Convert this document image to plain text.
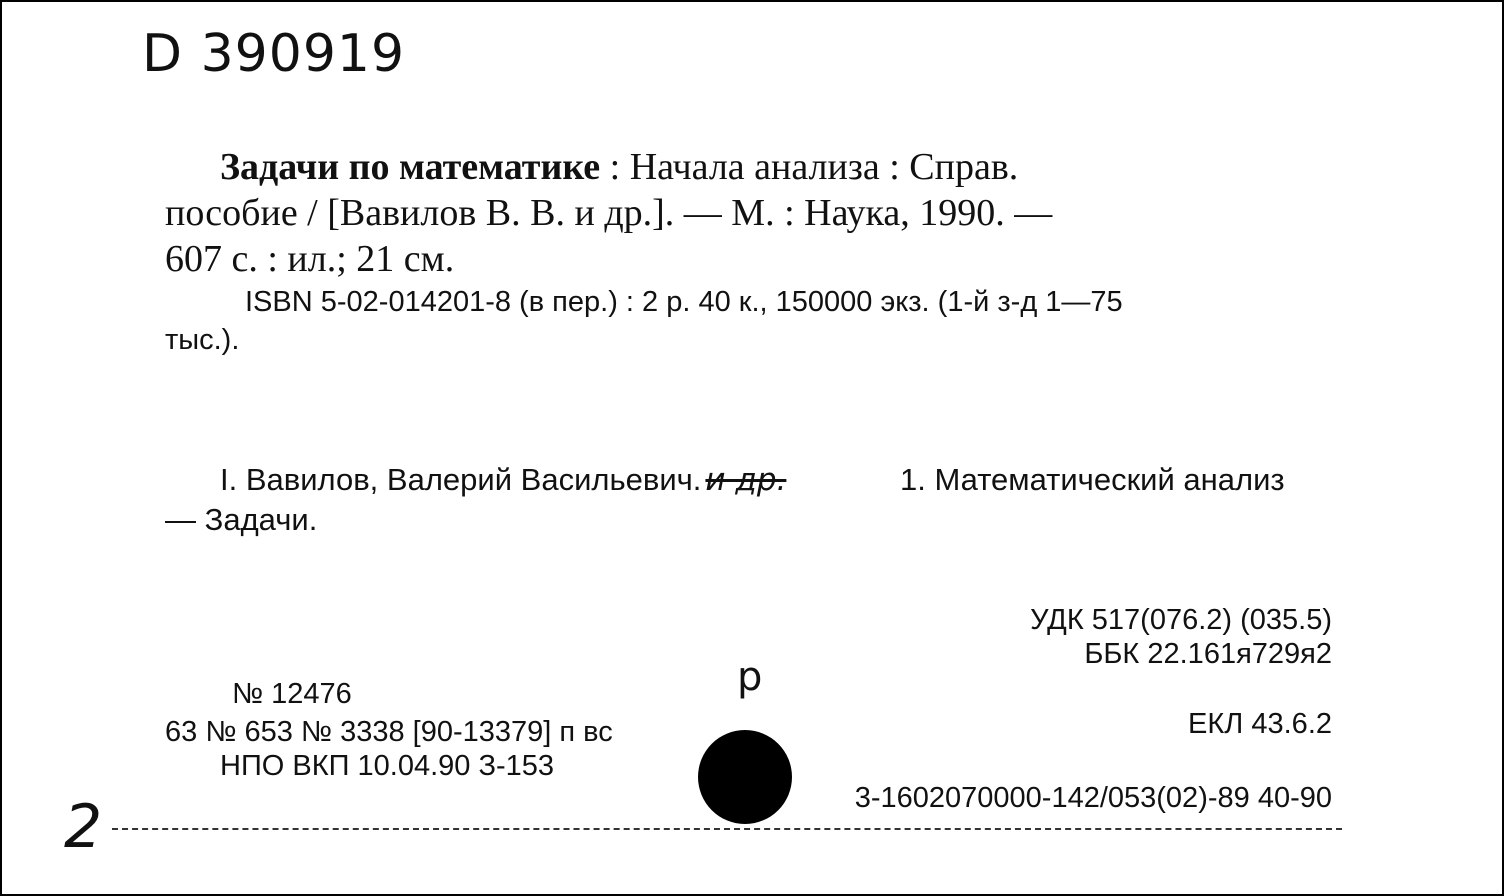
D 390919
Задачи по математике : Начала анализа : Справ.
пособие / [Вавилов В. В. и др.]. — М. : Наука, 1990. —
607 с. : ил.; 21 см.
ISBN 5-02-014201-8 (в пер.) : 2 р. 40 к., 150000 экз. (1-й з-д 1—75
тыс.).
I. Вавилов, Валерий Васильевич. и др.
— Задачи.
1. Математический анализ
УДК 517(076.2) (035.5)
ББК 22.161я729я2
ЕКЛ 43.6.2
3-1602070000-142/053(02)-89 40-90
№ 12476
63 № 653 № 3338 [90-13379] п вс
НПО ВКП 10.04.90 З-153
р
2
